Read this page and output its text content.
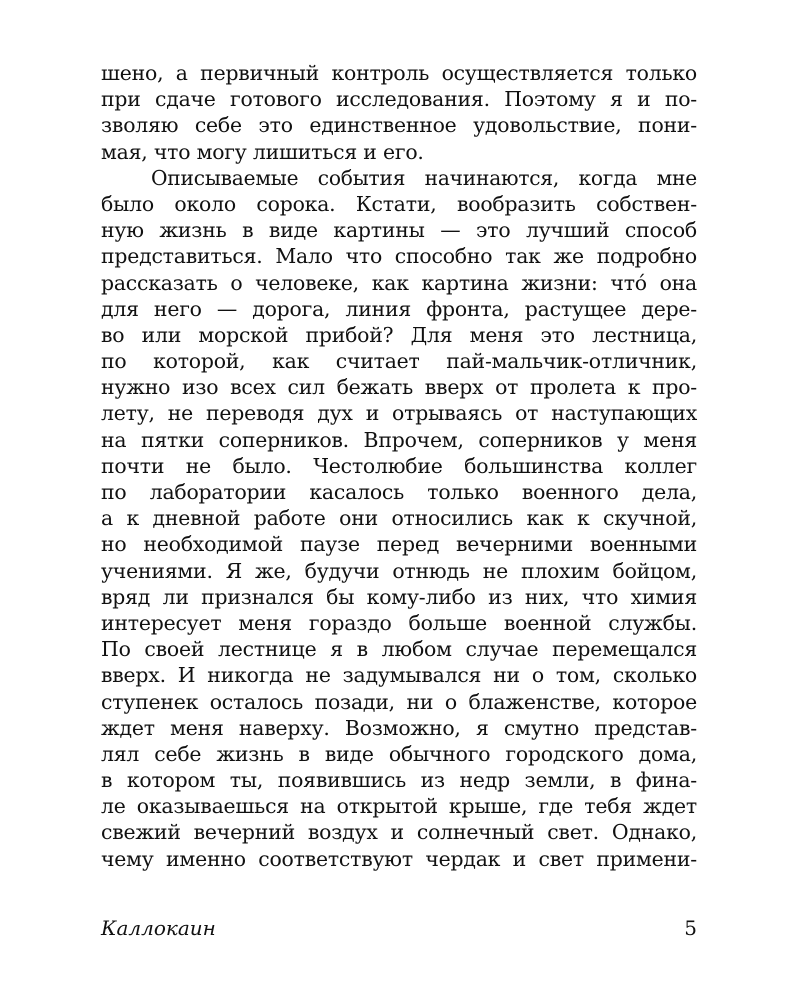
шено, а первичный контроль осуществляется только
при сдаче готового исследования. Поэтому я и по-
зволяю себе это единственное удовольствие, пони-
мая, что могу лишиться и его.
Описываемые события начинаются, когда мне
было около сорока. Кстати, вообразить собствен-
ную жизнь в виде картины — это лучший способ
представиться. Мало что способно так же подробно
рассказать о человеке, как картина жизни: что́ она
для него — дорога, линия фронта, растущее дере-
во или морской прибой? Для меня это лестница,
по которой, как считает пай-мальчик-отличник,
нужно изо всех сил бежать вверх от пролета к про-
лету, не переводя дух и отрываясь от наступающих
на пятки соперников. Впрочем, соперников у меня
почти не было. Честолюбие большинства коллег
по лаборатории касалось только военного дела,
а к дневной работе они относились как к скучной,
но необходимой паузе перед вечерними военными
учениями. Я же, будучи отнюдь не плохим бойцом,
вряд ли признался бы кому-либо из них, что химия
интересует меня гораздо больше военной службы.
По своей лестнице я в любом случае перемещался
вверх. И никогда не задумывался ни о том, сколько
ступенек осталось позади, ни о блаженстве, которое
ждет меня наверху. Возможно, я смутно представ-
лял себе жизнь в виде обычного городского дома,
в котором ты, появившись из недр земли, в фина-
ле оказываешься на открытой крыше, где тебя ждет
свежий вечерний воздух и солнечный свет. Однако,
чему именно соответствуют чердак и свет примени-
Каллокаин	5
